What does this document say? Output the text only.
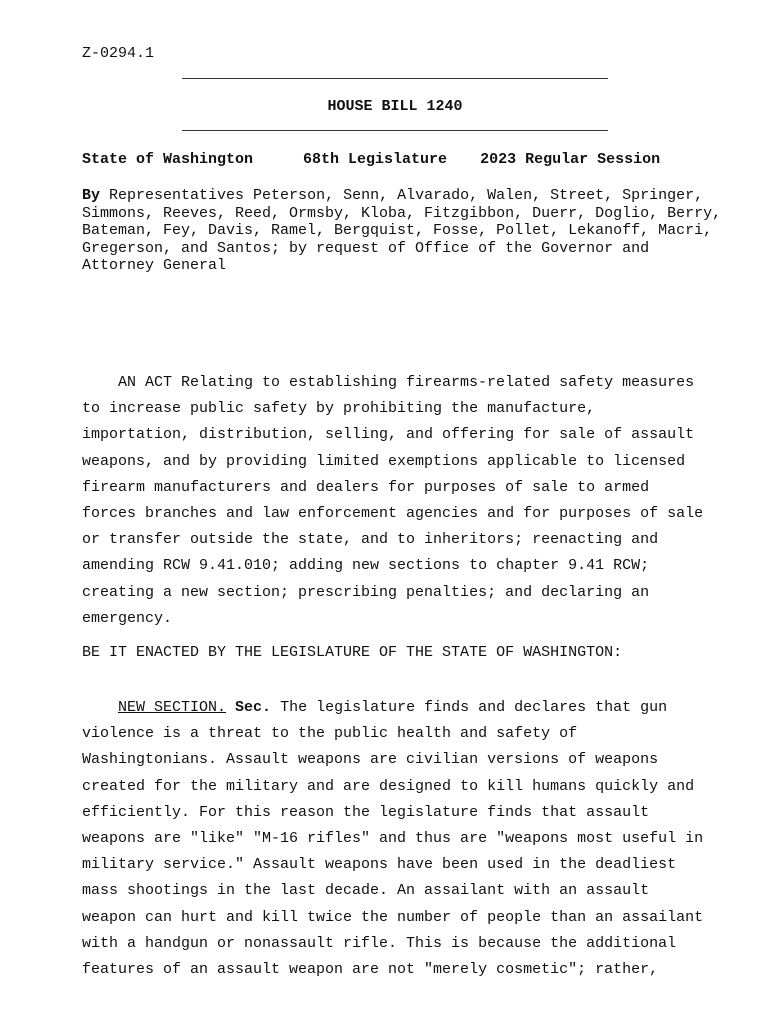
Z-0294.1
HOUSE BILL 1240
State of Washington	68th Legislature 2023 Regular Session
By Representatives Peterson, Senn, Alvarado, Walen, Street, Springer, Simmons, Reeves, Reed, Ormsby, Kloba, Fitzgibbon, Duerr, Doglio, Berry, Bateman, Fey, Davis, Ramel, Bergquist, Fosse, Pollet, Lekanoff, Macri, Gregerson, and Santos; by request of Office of the Governor and Attorney General
AN ACT Relating to establishing firearms-related safety measures to increase public safety by prohibiting the manufacture, importation, distribution, selling, and offering for sale of assault weapons, and by providing limited exemptions applicable to licensed firearm manufacturers and dealers for purposes of sale to armed forces branches and law enforcement agencies and for purposes of sale or transfer outside the state, and to inheritors; reenacting and amending RCW 9.41.010; adding new sections to chapter 9.41 RCW; creating a new section; prescribing penalties; and declaring an emergency.
BE IT ENACTED BY THE LEGISLATURE OF THE STATE OF WASHINGTON:
NEW SECTION. Sec. The legislature finds and declares that gun violence is a threat to the public health and safety of Washingtonians. Assault weapons are civilian versions of weapons created for the military and are designed to kill humans quickly and efficiently. For this reason the legislature finds that assault weapons are "like" "M-16 rifles" and thus are "weapons most useful in military service." Assault weapons have been used in the deadliest mass shootings in the last decade. An assailant with an assault weapon can hurt and kill twice the number of people than an assailant with a handgun or nonassault rifle. This is because the additional features of an assault weapon are not "merely cosmetic"; rather,
